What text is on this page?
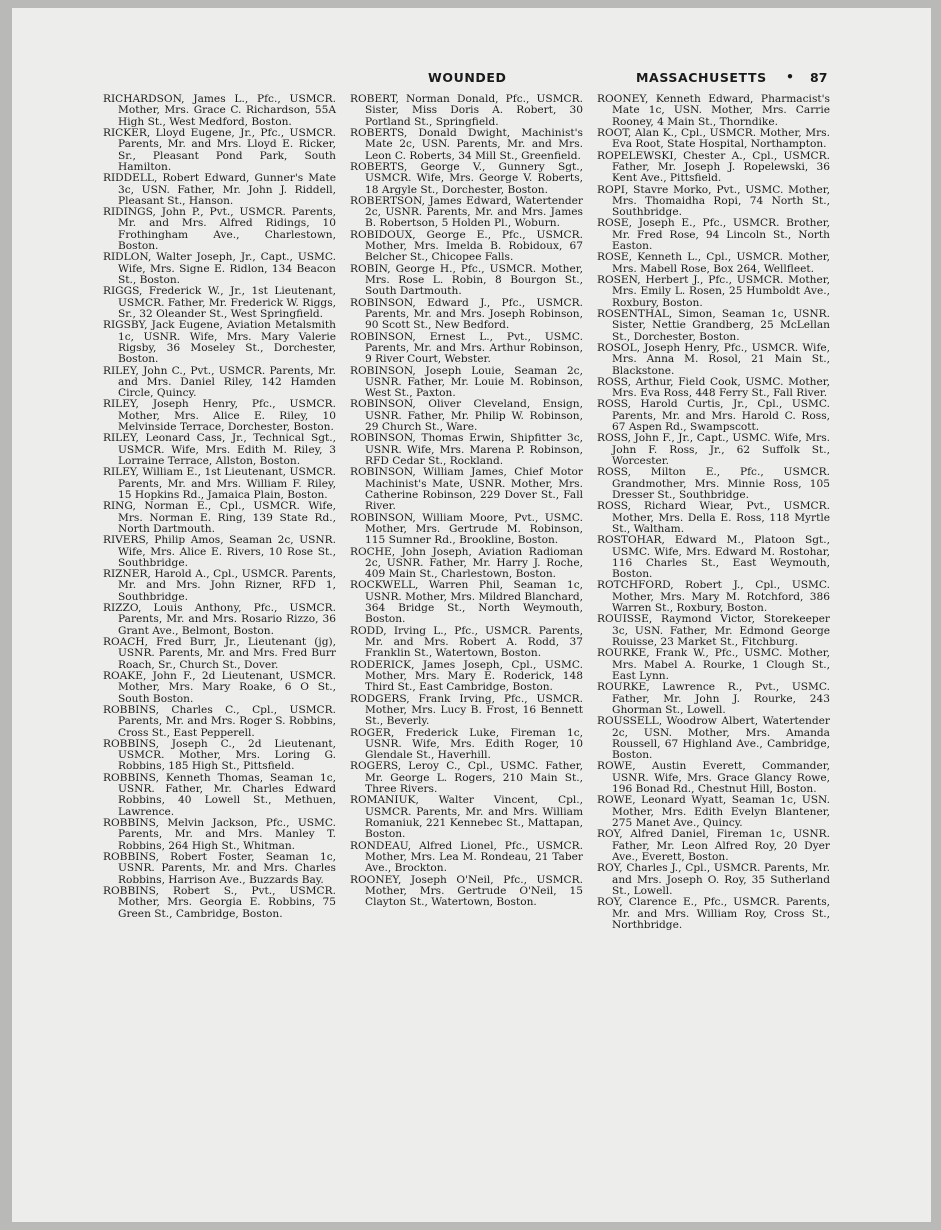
WOUNDED	MASSACHUSETTS • 87

RICHARDSON, James L., Pfc., USMCR. Mother, Mrs. Grace C. Richardson, 55A High St., West Medford, Boston.

RICKER, Lloyd Eugene, Jr., Pfc., USMCR. Parents, Mr. and Mrs. Lloyd E. Ricker, Sr., Pleasant Pond Park, South Hamilton.

RIDDELL, Robert Edward, Gunner's Mate 3c, USN. Father, Mr. John J. Riddell, Pleasant St., Hanson.

RIDINGS, John P., Pvt., USMCR. Parents, Mr. and Mrs. Alfred Ridings, 10 Frothingham Ave., Charlestown, Boston.

RIDLON, Walter Joseph, Jr., Capt., USMC. Wife, Mrs. Signe E. Ridlon, 134 Beacon St., Boston.

RIGGS, Frederick W., Jr., 1st Lieutenant, USMCR. Father, Mr. Frederick W. Riggs, Sr., 32 Oleander St., West Springfield.

RIGSBY, Jack Eugene, Aviation Metalsmith 1c, USNR. Wife, Mrs. Mary Valerie Rigsby, 36 Moseley St., Dorchester, Boston.

RILEY, John C., Pvt., USMCR. Parents, Mr. and Mrs. Daniel Riley, 142 Hamden Circle, Quincy.

RILEY, Joseph Henry, Pfc., USMCR. Mother, Mrs. Alice E. Riley, 10 Melvinside Terrace, Dorchester, Boston.

RILEY, Leonard Cass, Jr., Technical Sgt., USMCR. Wife, Mrs. Edith M. Riley, 3 Lorraine Terrace, Allston, Boston.

RILEY, William E., 1st Lieutenant, USMCR. Parents, Mr. and Mrs. William F. Riley, 15 Hopkins Rd., Jamaica Plain, Boston.

RING, Norman E., Cpl., USMCR. Wife, Mrs. Norman E. Ring, 139 State Rd., North Dartmouth.

RIVERS, Philip Amos, Seaman 2c, USNR. Wife, Mrs. Alice E. Rivers, 10 Rose St., Southbridge.

RIZNER, Harold A., Cpl., USMCR. Parents, Mr. and Mrs. John Rizner, RFD 1, Southbridge.

RIZZO, Louis Anthony, Pfc., USMCR. Parents, Mr. and Mrs. Rosario Rizzo, 36 Grant Ave., Belmont, Boston.

ROACH, Fred Burr, Jr., Lieutenant (jg), USNR. Parents, Mr. and Mrs. Fred Burr Roach, Sr., Church St., Dover.

ROAKE, John F., 2d Lieutenant, USMCR. Mother, Mrs. Mary Roake, 6 O St., South Boston.

ROBBINS, Charles C., Cpl., USMCR. Parents, Mr. and Mrs. Roger S. Robbins, Cross St., East Pepperell.

ROBBINS, Joseph C., 2d Lieutenant, USMCR. Mother, Mrs. Loring G. Robbins, 185 High St., Pittsfield.

ROBBINS, Kenneth Thomas, Seaman 1c, USNR. Father, Mr. Charles Edward Robbins, 40 Lowell St., Methuen, Lawrence.

ROBBINS, Melvin Jackson, Pfc., USMC. Parents, Mr. and Mrs. Manley T. Robbins, 264 High St., Whitman.

ROBBINS, Robert Foster, Seaman 1c, USNR. Parents, Mr. and Mrs. Charles Robbins, Harrison Ave., Buzzards Bay.

ROBBINS, Robert S., Pvt., USMCR. Mother, Mrs. Georgia E. Robbins, 75 Green St., Cambridge, Boston.

ROBERT, Norman Donald, Pfc., USMCR. Sister, Miss Doris A. Robert, 30 Portland St., Springfield.

ROBERTS, Donald Dwight, Machinist's Mate 2c, USN. Parents, Mr. and Mrs. Leon C. Roberts, 34 Mill St., Greenfield.

ROBERTS, George V., Gunnery Sgt., USMCR. Wife, Mrs. George V. Roberts, 18 Argyle St., Dorchester, Boston.

ROBERTSON, James Edward, Watertender 2c, USNR. Parents, Mr. and Mrs. James B. Robertson, 5 Holden Pl., Woburn.

ROBIDOUX, George E., Pfc., USMCR. Mother, Mrs. Imelda B. Robidoux, 67 Belcher St., Chicopee Falls.

ROBIN, George H., Pfc., USMCR. Mother, Mrs. Rose L. Robin, 8 Bourgon St., South Dartmouth.

ROBINSON, Edward J., Pfc., USMCR. Parents, Mr. and Mrs. Joseph Robinson, 90 Scott St., New Bedford.

ROBINSON, Ernest L., Pvt., USMC. Parents, Mr. and Mrs. Arthur Robinson, 9 River Court, Webster.

ROBINSON, Joseph Louie, Seaman 2c, USNR. Father, Mr. Louie M. Robinson, West St., Paxton.

ROBINSON, Oliver Cleveland, Ensign, USNR. Father, Mr. Philip W. Robinson, 29 Church St., Ware.

ROBINSON, Thomas Erwin, Shipfitter 3c, USNR. Wife, Mrs. Marena P. Robinson, RFD Cedar St., Rockland.

ROBINSON, William James, Chief Motor Machinist's Mate, USNR. Mother, Mrs. Catherine Robinson, 229 Dover St., Fall River.

ROBINSON, William Moore, Pvt., USMC. Mother, Mrs. Gertrude M. Robinson, 115 Sumner Rd., Brookline, Boston.

ROCHE, John Joseph, Aviation Radioman 2c, USNR. Father, Mr. Harry J. Roche, 409 Main St., Charlestown, Boston.

ROCKWELL, Warren Phil, Seaman 1c, USNR. Mother, Mrs. Mildred Blanchard, 364 Bridge St., North Weymouth, Boston.

RODD, Irving L., Pfc., USMCR. Parents, Mr. and Mrs. Robert A. Rodd, 37 Franklin St., Watertown, Boston.

RODERICK, James Joseph, Cpl., USMC. Mother, Mrs. Mary E. Roderick, 148 Third St., East Cambridge, Boston.

RODGERS, Frank Irving, Pfc., USMCR. Mother, Mrs. Lucy B. Frost, 16 Bennett St., Beverly.

ROGER, Frederick Luke, Fireman 1c, USNR. Wife, Mrs. Edith Roger, 10 Glendale St., Haverhill.

ROGERS, Leroy C., Cpl., USMC. Father, Mr. George L. Rogers, 210 Main St., Three Rivers.

ROMANIUK, Walter Vincent, Cpl., USMCR. Parents, Mr. and Mrs. William Romaniuk, 221 Kennebec St., Mattapan, Boston.

RONDEAU, Alfred Lionel, Pfc., USMCR. Mother, Mrs. Lea M. Rondeau, 21 Taber Ave., Brockton.

ROONEY, Joseph O'Neil, Pfc., USMCR. Mother, Mrs. Gertrude O'Neil, 15 Clayton St., Watertown, Boston.

ROONEY, Kenneth Edward, Pharmacist's Mate 1c, USN. Mother, Mrs. Carrie Rooney, 4 Main St., Thorndike.

ROOT, Alan K., Cpl., USMCR. Mother, Mrs. Eva Root, State Hospital, Northampton.

ROPELEWSKI, Chester A., Cpl., USMCR. Father, Mr. Joseph J. Ropelewski, 36 Kent Ave., Pittsfield.

ROPI, Stavre Morko, Pvt., USMC. Mother, Mrs. Thomaidha Ropi, 74 North St., Southbridge.

ROSE, Joseph E., Pfc., USMCR. Brother, Mr. Fred Rose, 94 Lincoln St., North Easton.

ROSE, Kenneth L., Cpl., USMCR. Mother, Mrs. Mabell Rose, Box 264, Wellfleet.

ROSEN, Herbert J., Pfc., USMCR. Mother, Mrs. Emily L. Rosen, 25 Humboldt Ave., Roxbury, Boston.

ROSENTHAL, Simon, Seaman 1c, USNR. Sister, Nettie Grandberg, 25 McLellan St., Dorchester, Boston.

ROSOL, Joseph Henry, Pfc., USMCR. Wife, Mrs. Anna M. Rosol, 21 Main St., Blackstone.

ROSS, Arthur, Field Cook, USMC. Mother, Mrs. Eva Ross, 448 Ferry St., Fall River.

ROSS, Harold Curtis, Jr., Cpl., USMC. Parents, Mr. and Mrs. Harold C. Ross, 67 Aspen Rd., Swampscott.

ROSS, John F., Jr., Capt., USMC. Wife, Mrs. John F. Ross, Jr., 62 Suffolk St., Worcester.

ROSS, Milton E., Pfc., USMCR. Grandmother, Mrs. Minnie Ross, 105 Dresser St., Southbridge.

ROSS, Richard Wiear, Pvt., USMCR. Mother, Mrs. Della E. Ross, 118 Myrtle St., Waltham.

ROSTOHAR, Edward M., Platoon Sgt., USMC. Wife, Mrs. Edward M. Rostohar, 116 Charles St., East Weymouth, Boston.

ROTCHFORD, Robert J., Cpl., USMC. Mother, Mrs. Mary M. Rotchford, 386 Warren St., Roxbury, Boston.

ROUISSE, Raymond Victor, Storekeeper 3c, USN. Father, Mr. Edmond George Rouisse, 23 Market St., Fitchburg.

ROURKE, Frank W., Pfc., USMC. Mother, Mrs. Mabel A. Rourke, 1 Clough St., East Lynn.

ROURKE, Lawrence R., Pvt., USMC. Father, Mr. John J. Rourke, 243 Ghorman St., Lowell.

ROUSSELL, Woodrow Albert, Watertender 2c, USN. Mother, Mrs. Amanda Roussell, 67 Highland Ave., Cambridge, Boston.

ROWE, Austin Everett, Commander, USNR. Wife, Mrs. Grace Glancy Rowe, 196 Bonad Rd., Chestnut Hill, Boston.

ROWE, Leonard Wyatt, Seaman 1c, USN. Mother, Mrs. Edith Evelyn Blantener, 275 Manet Ave., Quincy.

ROY, Alfred Daniel, Fireman 1c, USNR. Father, Mr. Leon Alfred Roy, 20 Dyer Ave., Everett, Boston.

ROY, Charles J., Cpl., USMCR. Parents, Mr. and Mrs. Joseph O. Roy, 35 Sutherland St., Lowell.

ROY, Clarence E., Pfc., USMCR. Parents, Mr. and Mrs. William Roy, Cross St., Northbridge.
